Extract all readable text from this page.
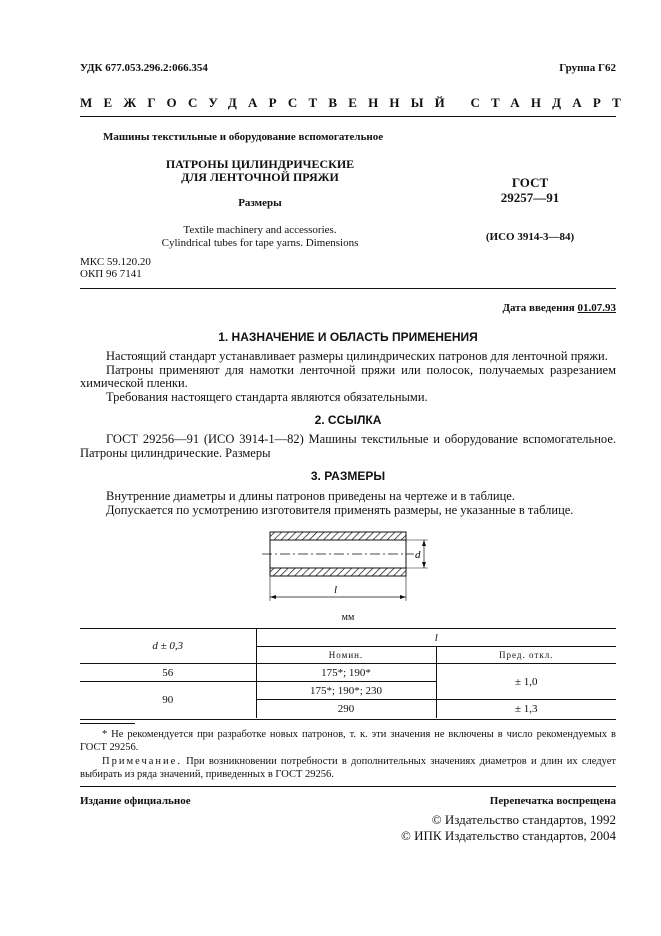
УДК 677.053.296.2:066.354	Группа Г62
МЕЖГОСУДАРСТВЕННЫЙ СТАНДАРТ
Машины текстильные и оборудование вспомогательное
ПАТРОНЫ ЦИЛИНДРИЧЕСКИЕ
ДЛЯ ЛЕНТОЧНОЙ ПРЯЖИ
Размеры
Textile machinery and accessories.
Cylindrical tubes for tape yarns. Dimensions
ГОСТ
29257—91
(ИСО 3914-3—84)
МКС 59.120.20
ОКП 96 7141
Дата введения 01.07.93
1. НАЗНАЧЕНИЕ И ОБЛАСТЬ ПРИМЕНЕНИЯ

Настоящий стандарт устанавливает размеры цилиндрических патронов для ленточной пряжи.

Патроны применяют для намотки ленточной пряжи или полосок, получаемых разрезанием химической пленки.

Требования настоящего стандарта являются обязательными.

2. ССЫЛКА

ГОСТ 29256—91 (ИСО 3914-1—82) Машины текстильные и оборудование вспомогательное. Патроны цилиндрические. Размеры

3. РАЗМЕРЫ

Внутренние диаметры и длины патронов приведены на чертеже и в таблице.

Допускается по усмотрению изготовителя применять размеры, не указанные в таблице.

d
l
мм
d ± 0,3	l	
	Номин.	Пред. откл.
56	175*; 190*	± 1,0
90	175*; 190*; 230	
	290	± 1,3

* Не рекомендуется при разработке новых патронов, т. к. эти значения не включены в число рекомендуемых в ГОСТ 29256.

Примечание. При возникновении потребности в дополнительных значениях диаметров и длин их следует выбирать из ряда значений, приведенных в ГОСТ 29256.

Издание официальное	Перепечатка воспрещена
© Издательство стандартов, 1992
© ИПК Издательство стандартов, 2004
